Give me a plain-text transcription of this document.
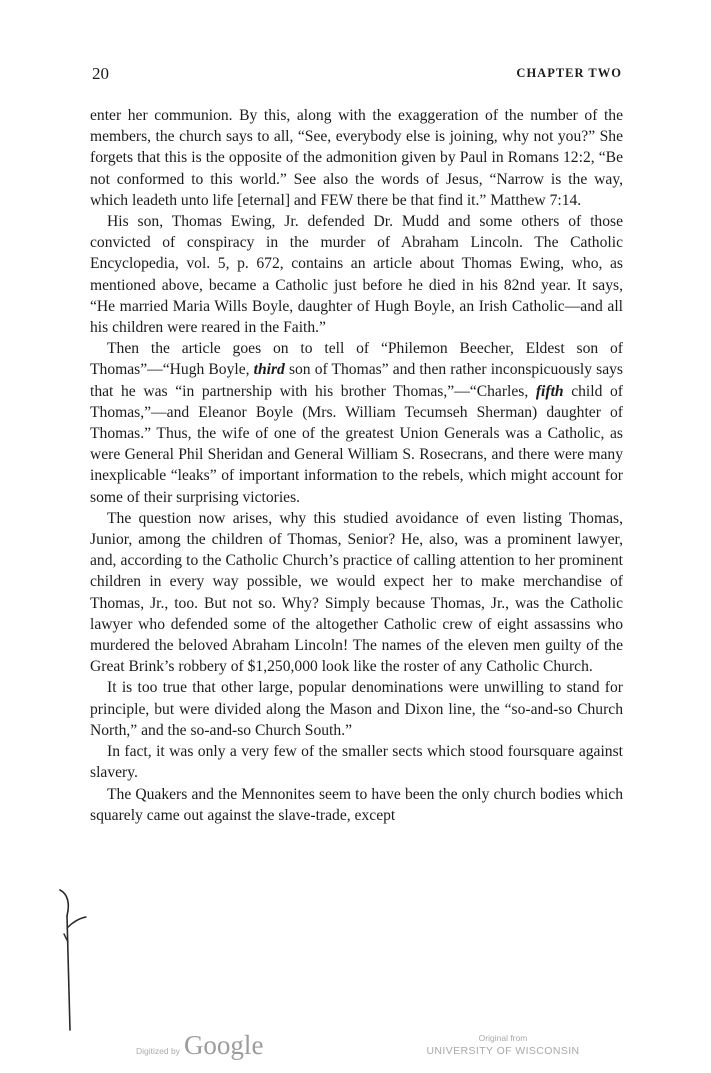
20	CHAPTER TWO

enter her communion. By this, along with the exaggeration of the number of the members, the church says to all, “See, everybody else is joining, why not you?” She forgets that this is the opposite of the admonition given by Paul in Romans 12:2, “Be not conformed to this world.” See also the words of Jesus, “Narrow is the way, which leadeth unto life [eternal] and FEW there be that find it.” Matthew 7:14.

His son, Thomas Ewing, Jr. defended Dr. Mudd and some others of those convicted of conspiracy in the murder of Abraham Lincoln. The Catholic Encyclopedia, vol. 5, p. 672, contains an article about Thomas Ewing, who, as mentioned above, became a Catholic just before he died in his 82nd year. It says, “He married Maria Wills Boyle, daughter of Hugh Boyle, an Irish Catholic—and all his children were reared in the Faith.”

Then the article goes on to tell of “Philemon Beecher, Eldest son of Thomas”—“Hugh Boyle, third son of Thomas” and then rather inconspicuously says that he was “in partnership with his brother Thomas,”—“Charles, fifth child of Thomas,”—and Eleanor Boyle (Mrs. William Tecumseh Sherman) daughter of Thomas.” Thus, the wife of one of the greatest Union Generals was a Catholic, as were General Phil Sheridan and General William S. Rosecrans, and there were many inexplicable “leaks” of important information to the rebels, which might account for some of their surprising victories.

The question now arises, why this studied avoidance of even listing Thomas, Junior, among the children of Thomas, Senior? He, also, was a prominent lawyer, and, according to the Catholic Church’s practice of calling attention to her prominent children in every way possible, we would expect her to make merchandise of Thomas, Jr., too. But not so. Why? Simply because Thomas, Jr., was the Catholic lawyer who defended some of the altogether Catholic crew of eight assassins who murdered the beloved Abraham Lincoln! The names of the eleven men guilty of the Great Brink’s robbery of $1,250,000 look like the roster of any Catholic Church.

It is too true that other large, popular denominations were unwilling to stand for principle, but were divided along the Mason and Dixon line, the “so-and-so Church North,” and the so-and-so Church South.”

In fact, it was only a very few of the smaller sects which stood foursquare against slavery.

The Quakers and the Mennonites seem to have been the only church bodies which squarely came out against the slave-trade, except

Digitized by Google	Original from
UNIVERSITY OF WISCONSIN
